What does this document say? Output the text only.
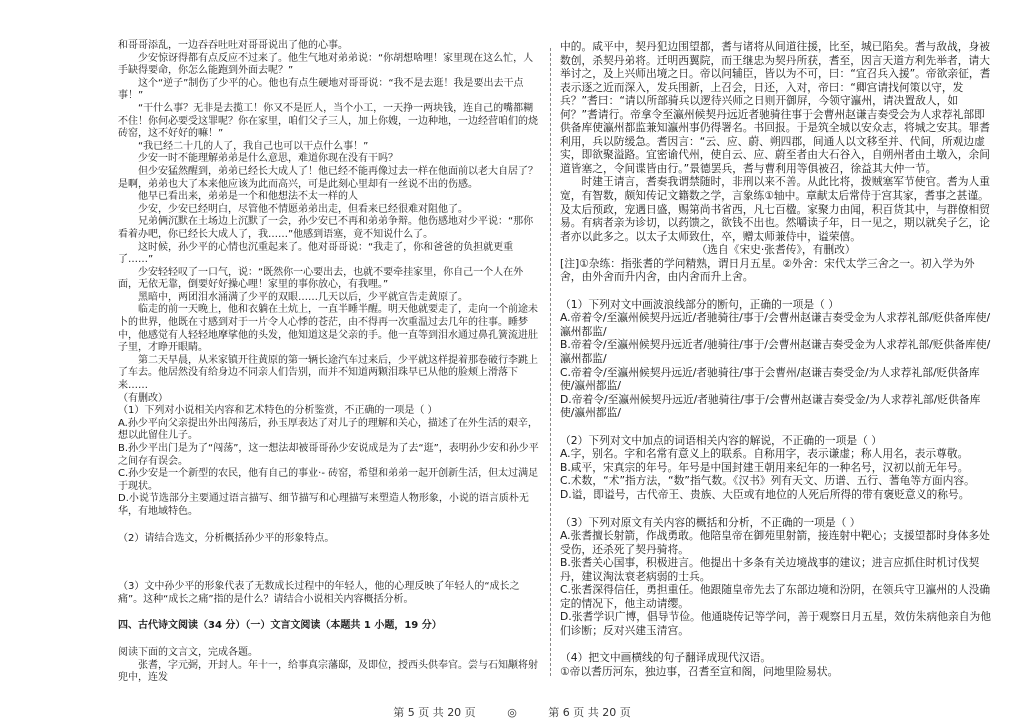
和哥哥添乱，一边吞吞吐吐对哥哥说出了他的心事。

少安惊讶得都有点反应不过来了。他生气地对弟弟说：“你胡想啥哩！家里现在这么忙，人手缺得要命，你怎么能跑到外面去呢？”

这个“逆子”制伤了少平的心。他也有点生硬地对哥哥说：“我不是去逛！我是要出去干点事！”

“干什么事？无非是去揽工！你又不是匠人，当个小工，一天挣一两块钱，连自己的嘴都糊不住！你何必要受这罪呢？你在家里，咱们父子三人，加上你嫂，一边种地，一边经营咱们的烧砖窑，这不好好的嘛！”

“我已经二十几的人了，我自己也可以干点什么事！”

少安一时不能理解弟弟是什么意思，难道你现在没有干吗？

但少安猛然醒到，弟弟已经长大成人了！他已经不能再像过去一样在他面前以老大自居了？是啊，弟弟也大了本来他应该为此而高兴，可是此刻心里却有一丝说不出的伤感。

他早已看出来，弟弟是一个和他想法不太一样的人

少安，少安已经明白，尽管他不情愿弟弟出走，但看来已经很难对阻他了。

兄弟俩沉默在土场边上沉默了一会，孙少安已不再和弟弟争辩。他伤感地对少平说：“那你看着办吧，你已经长大成人了，我……”他感到语塞，竟不知说什么了。

这时候，孙少平的心情也沉重起来了。他对哥哥说：“我走了，你和爸爸的负担就更重了……”

少安轻轻叹了一口气，说：“既然你一心要出去，也就不要牵挂家里，你自己一个人在外面，无依无靠，倒要好好操心哩！家里的事你放心，有我哩。”

黑暗中，两团泪水涌满了少平的双眼……几天以后，少平就宣告走黄原了。

临走的前一天晚上，他和衣躺在土炕上，一直半睡半醒。明天他就要走了，走向一个前途未卜的世界，他既在寸感到对于一片令人心悸的苍茫，由不得再一次重温过去几年的往事。睡梦中，他感觉有人轻轻地摩挲他的头发，他知道这是父亲的手。他一直等到泪水通过鼻孔簧流进肚子里，才睁开眼睛。

第二天早晨，从米家镇开往黄原的第一辆长途汽车过来后，少平就这样提着那卷破行李跳上了车去。他居然没有给身边不同亲人们告别，而并不知道两颗泪珠早已从他的脸颊上滑落下来……

（有删改）

（1）下列对小说相关内容和艺术特色的分析鉴赏，不正确的一项是（ ）

A.孙少平向父亲提出外出闯荡后，孙玉厚表达了对儿子的理解和关心，描述了在外生活的艰辛，想以此留住儿子。

B.孙少平出门是为了“闯荡”，这一想法却被哥哥孙少安说成是为了去“逛”，表明孙少安和孙少平之间存有误会。

C.孙少安是一个新型的农民，他有自己的事业·- 砖窑，希望和弟弟一起开创新生活，但太过满足于现状。

D.小说节选部分主要通过语言描写、细节描写和心理描写来塑造人物形象，小说的语言质朴无华，有地域特色。

（2）请结合选文，分析概括孙少平的形象特点。

（3）文中孙少平的形象代表了无数成长过程中的年轻人，他的心理反映了年轻人的“成长之痛”。这种“成长之痛”指的是什么？请结合小说相关内容概括分析。

四、古代诗文阅读（34 分）（一）文言文阅读（本题共 1 小题，19 分）

阅读下面的文言文，完成各题。

张耆，字元弼，开封人。年十一，给事真宗藩邸，及即位，授西头供奉官。尝与石知颙将射兜中，连发

中的。咸平中，契丹犯边围望都，耆与诸将从间道往援，比至，城已陷矣。耆与敌战，身被数创，杀契丹弟将。迁明西翼院，而王继忠为契丹所获，耆至，因言天道方利先举者，请大举讨之，及上兴师出境之日。帝以问辅臣，皆以为不可，曰：“宜召兵入援”。帝欲亲征，耆表示逐之近而深入，发兵围新，上召会，日还，入对，帝曰：“卿宫请找何策以守，发兵？”耆曰：“请以所部骑兵以逻待兴师之日则开御屏，今领守瀛州，请决置敌人，如何？”耆请行。帝拿令至瀛州候契丹远近者驰骑往事于会曹州赵谦吉奏受会为人求荐礼部即供备库使瀛州都监兼知瀛州事仍得署名。书回报。于是筑全城以安众志，将城之安其。罪耆利用，兵以防缓急。耆因言：“云、应、蔚、朔四郡，间通人以文移至并、代间，所观边虚实，即欲聚溢路。宜密谕代州，使自云、应、蔚至者由大石谷入，自朔州者由土墩入，余间道皆塞之，令间谍皆由行。”景德罢兵，耆与曹利用等俱被召，徐益其大仲一节。

时建王请言，耆奏我谓禁随时，非刑以来不善。从此比将，拨贼塞军节使官。耆为人重宽，有智数，颇知传记文籍数之学，言象练①轴中。章献太后常侍于宫其家，耆事之甚谨。及太后预政，宠遇日盛，赐第尚书省西，凡七百楹。家聚力由闻，积百货其中，与群僚相贸易。有病者亲为诊切，以药馈之，欲钱不出也。然嚼读子年，日一见之，期以就矣子乞，论者亦以此多之。以太子太师致仕，卒，赠太师兼侍中，谥荣僖。

（选自《宋史·张耆传》，有删改）

[注]①杂练：指张耆的学问精熟，谓日月五星。②外舍：宋代太学三舍之一。初入学为外舍，由外舍而升内舍，由内舍而升上舍。

（1）下列对文中画波浪线部分的断句，正确的一项是（ ）

A.帝着令/至瀛州候契丹远近/者驰骑往/事于/会曹州赵谦吉奏受金为人求荐礼部/贬供备库使/瀛州都监/

B.帝着令/至瀛州候契丹远近者/驰骑往/事于/会曹州赵谦吉奏受金为人求荐礼部/贬供备库使/瀛州都监/

C.帝着令/至瀛州候契丹远近/者驰骑往/事于会曹州/赵谦吉奏受金/为人求荐礼部/贬供备库使/瀛州都监/

D.帝着令/至瀛州候契丹远近/者驰骑往/事于/会曹州赵谦吉奏受金/为人求荐礼部/贬供备库使/瀛州都监/

（2）下列对文中加点的词语相关内容的解说，不正确的一项是（ ）

A.字，别名。字和名常有意义上的联系。自称用字，表示谦虚；称人用名，表示尊敬。

B.咸平，宋真宗的年号。年号是中国封建王朝用来纪年的一种名号，汉初以前无年号。

C.术数，“术”指方法，“数”指气数。《汉书》列有天文、历谱、五行、蓍龟等方面内容。

D.谥，即谥号，古代帝王、贵族、大臣或有地位的人死后所得的带有褒贬意义的称号。

（3）下列对原文有关内容的概括和分析，不正确的一项是（ ）

A.张耆擅长射箭，作战勇敢。他陪皇帝在御苑里射箭，接连射中靶心；支援望都时身体多处受伤，还杀死了契丹骑将。

B.张耆关心国事，积极进言。他提出十多条有关边境战事的建议；进言应抓住时机讨伐契丹，建议淘汰衰老病弱的士兵。

C.张耆深得信任，勇担重任。他跟随皇帝先去了东部边境和汾阴，在领兵守卫瀛州的人没确定的情况下，他主动请缨。

D.张耆学识广博，倡导节俭。他通晓传记等学问，善于观察日月五星，效仿朱病他亲自为他们诊断；反对兴建玉清宫。

（4）把文中画横线的句子翻译成现代汉语。

①帝以耆历河东，独边事，召耆至宣和阁，问地里险易状。

第 5 页 共 20 页	◎	第 6 页 共 20 页
